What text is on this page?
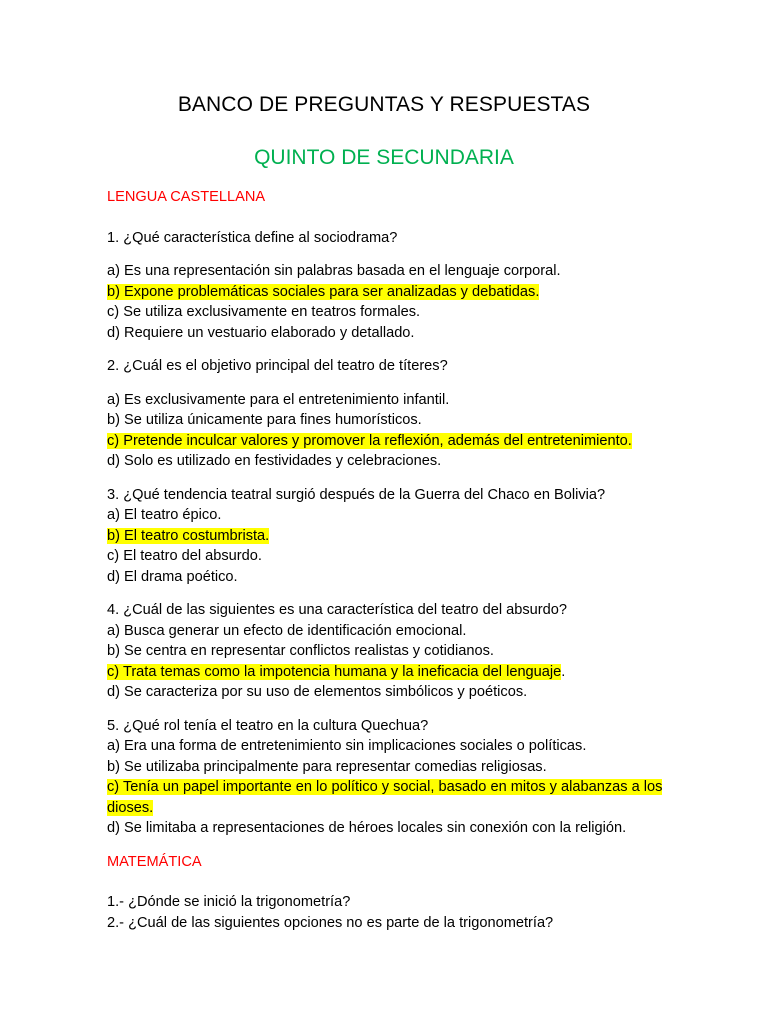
BANCO DE PREGUNTAS Y RESPUESTAS
QUINTO DE SECUNDARIA
LENGUA CASTELLANA
1. ¿Qué característica define al sociodrama?
a) Es una representación sin palabras basada en el lenguaje corporal.
b) Expone problemáticas sociales para ser analizadas y debatidas.
c) Se utiliza exclusivamente en teatros formales.
d) Requiere un vestuario elaborado y detallado.
2. ¿Cuál es el objetivo principal del teatro de títeres?
a) Es exclusivamente para el entretenimiento infantil.
b) Se utiliza únicamente para fines humorísticos.
c) Pretende inculcar valores y promover la reflexión, además del entretenimiento.
d) Solo es utilizado en festividades y celebraciones.
3. ¿Qué tendencia teatral surgió después de la Guerra del Chaco en Bolivia?
a) El teatro épico.
b) El teatro costumbrista.
c) El teatro del absurdo.
d) El drama poético.
4. ¿Cuál de las siguientes es una característica del teatro del absurdo?
a) Busca generar un efecto de identificación emocional.
b) Se centra en representar conflictos realistas y cotidianos.
c) Trata temas como la impotencia humana y la ineficacia del lenguaje.
d) Se caracteriza por su uso de elementos simbólicos y poéticos.
5. ¿Qué rol tenía el teatro en la cultura Quechua?
a) Era una forma de entretenimiento sin implicaciones sociales o políticas.
b) Se utilizaba principalmente para representar comedias religiosas.
c) Tenía un papel importante en lo político y social, basado en mitos y alabanzas a los dioses.
d) Se limitaba a representaciones de héroes locales sin conexión con la religión.
MATEMÁTICA
1.- ¿Dónde se inició la trigonometría?
2.- ¿Cuál de las siguientes opciones no es parte de la trigonometría?
